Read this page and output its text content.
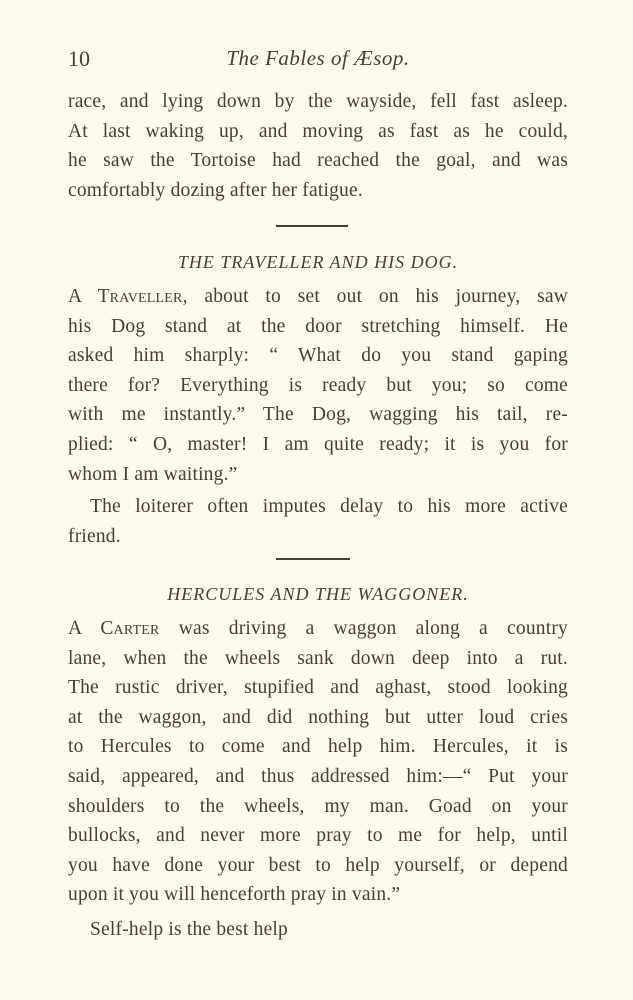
10	The Fables of Æsop.
race, and lying down by the wayside, fell fast asleep.
At last waking up, and moving as fast as he could,
he saw the Tortoise had reached the goal, and was
comfortably dozing after her fatigue.
THE TRAVELLER AND HIS DOG.
A Traveller, about to set out on his journey, saw
his Dog stand at the door stretching himself. He
asked him sharply: “ What do you stand gaping
there for? Everything is ready but you; so come
with me instantly.” The Dog, wagging his tail, re-
plied: “ O, master! I am quite ready; it is you for
whom I am waiting.”
The loiterer often imputes delay to his more active
friend.
HERCULES AND THE WAGGONER.
A Carter was driving a waggon along a country
lane, when the wheels sank down deep into a rut.
The rustic driver, stupified and aghast, stood looking
at the waggon, and did nothing but utter loud cries
to Hercules to come and help him. Hercules, it is
said, appeared, and thus addressed him:—“ Put your
shoulders to the wheels, my man. Goad on your
bullocks, and never more pray to me for help, until
you have done your best to help yourself, or depend
upon it you will henceforth pray in vain.”
Self-help is the best help
